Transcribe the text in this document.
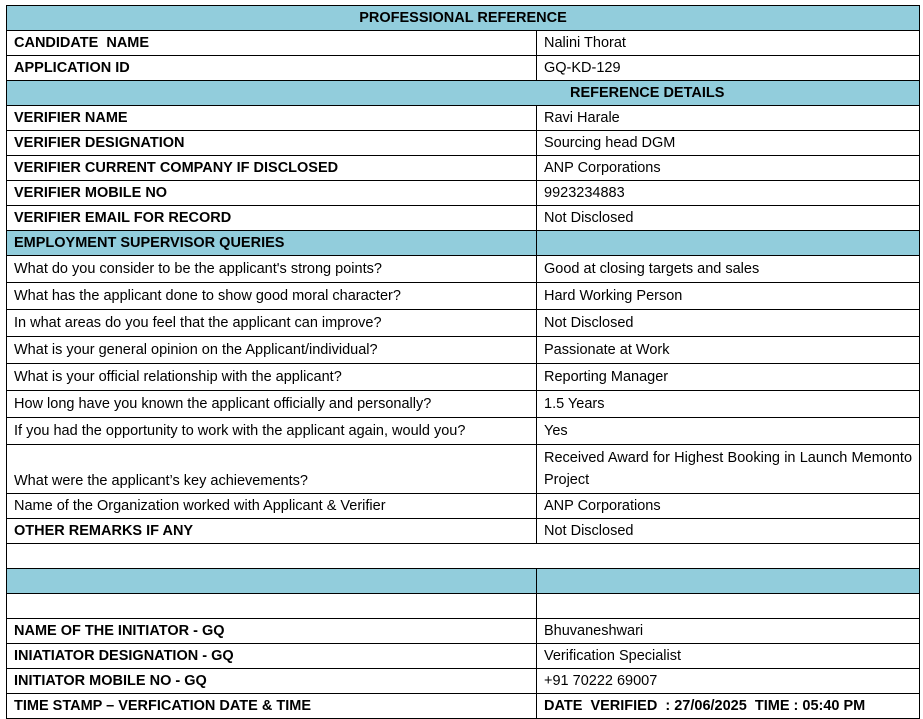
PROFESSIONAL REFERENCE	
CANDIDATE  NAME	Nalini Thorat
APPLICATION ID	GQ-KD-129
REFERENCE DETAILS	
VERIFIER NAME	Ravi Harale
VERIFIER DESIGNATION	Sourcing head DGM
VERIFIER CURRENT COMPANY IF DISCLOSED	ANP Corporations
VERIFIER MOBILE NO	9923234883
VERIFIER EMAIL FOR RECORD	Not Disclosed
EMPLOYMENT SUPERVISOR QUERIES	
What do you consider to be the applicant's strong points?	Good at closing targets and sales
What has the applicant done to show good moral character?	Hard Working Person
In what areas do you feel that the applicant can improve?	Not Disclosed
What is your general opinion on the Applicant/individual?	Passionate at Work
What is your official relationship with the applicant?	Reporting Manager
How long have you known the applicant officially and personally?	1.5 Years
If you had the opportunity to work with the applicant again, would you?	Yes
What were the applicant’s key achievements?	Received Award for Highest Booking in Launch Memonto Project
Name of the Organization worked with Applicant & Verifier	ANP Corporations
OTHER REMARKS IF ANY	Not Disclosed

NAME OF THE INITIATOR - GQ	Bhuvaneshwari
INIATIATOR DESIGNATION - GQ	Verification Specialist
INITIATOR MOBILE NO - GQ	+91 70222 69007
TIME STAMP – VERFICATION DATE & TIME	DATE  VERIFIED  : 27/06/2025  TIME : 05:40 PM
